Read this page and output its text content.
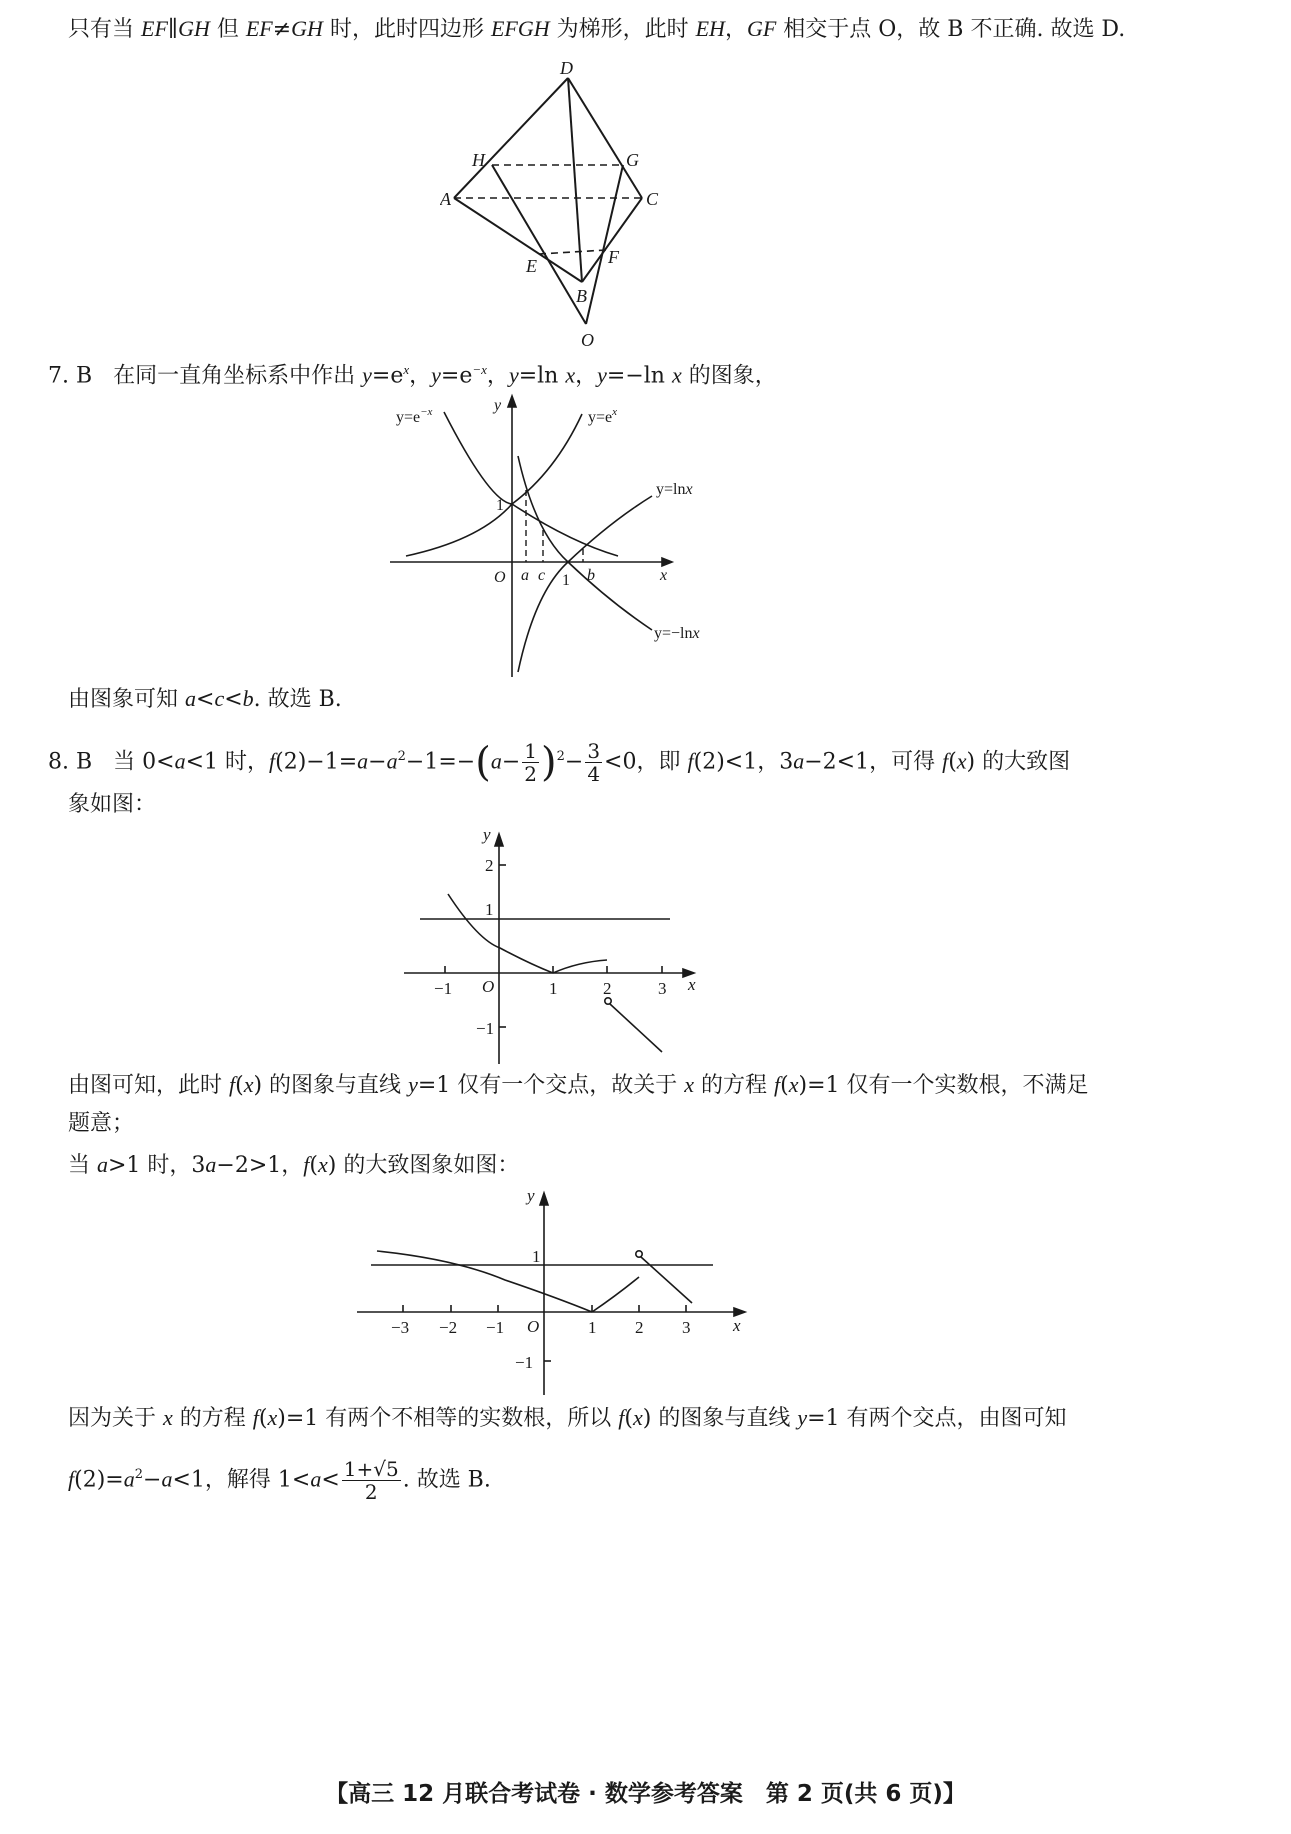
只有当 EF∥GH 但 EF≠GH 时，此时四边形 EFGH 为梯形，此时 EH，GF 相交于点 O，故 B 不正确. 故选 D.
D
H	G
A	C
E	F
B
O
7. B 在同一直角坐标系中作出 $y=e^x$，$y=e^{-x}$，y=ln x，y=−ln x 的图象，
$y=e^{-x}$	$y=e^x$
y=lnx
y=−lnx
y
x
O a c 1 b
1
由图象可知 a<c<b. 故选 B.
8. B 当 0<a<1 时，$f(2)-1=a-a^2-1=-(a- \frac{1}{2} )^2- \frac{3}{4} <0$，即 f(2)<1，3a−2<1，可得 f(x) 的大致图
象如图：
y
x
O
2
1
−1
1	2	3
−1
由图可知，此时 f(x) 的图象与直线 y=1 仅有一个交点，故关于 x 的方程 f(x)=1 仅有一个实数根，不满足
题意；
当 a>1 时，3a−2>1，f(x) 的大致图象如图：
y
x
O
1
−1
−3 −2 −1	1 2 3
因为关于 x 的方程 f(x)=1 有两个不相等的实数根，所以 f(x) 的图象与直线 y=1 有两个交点，由图可知
$f(2)=a^2-a<1$，解得 $1<a< \frac{1+√5}{2}$ . 故选 B.
【高三 12 月联合考试卷 · 数学参考答案　第 2 页(共 6 页)】
